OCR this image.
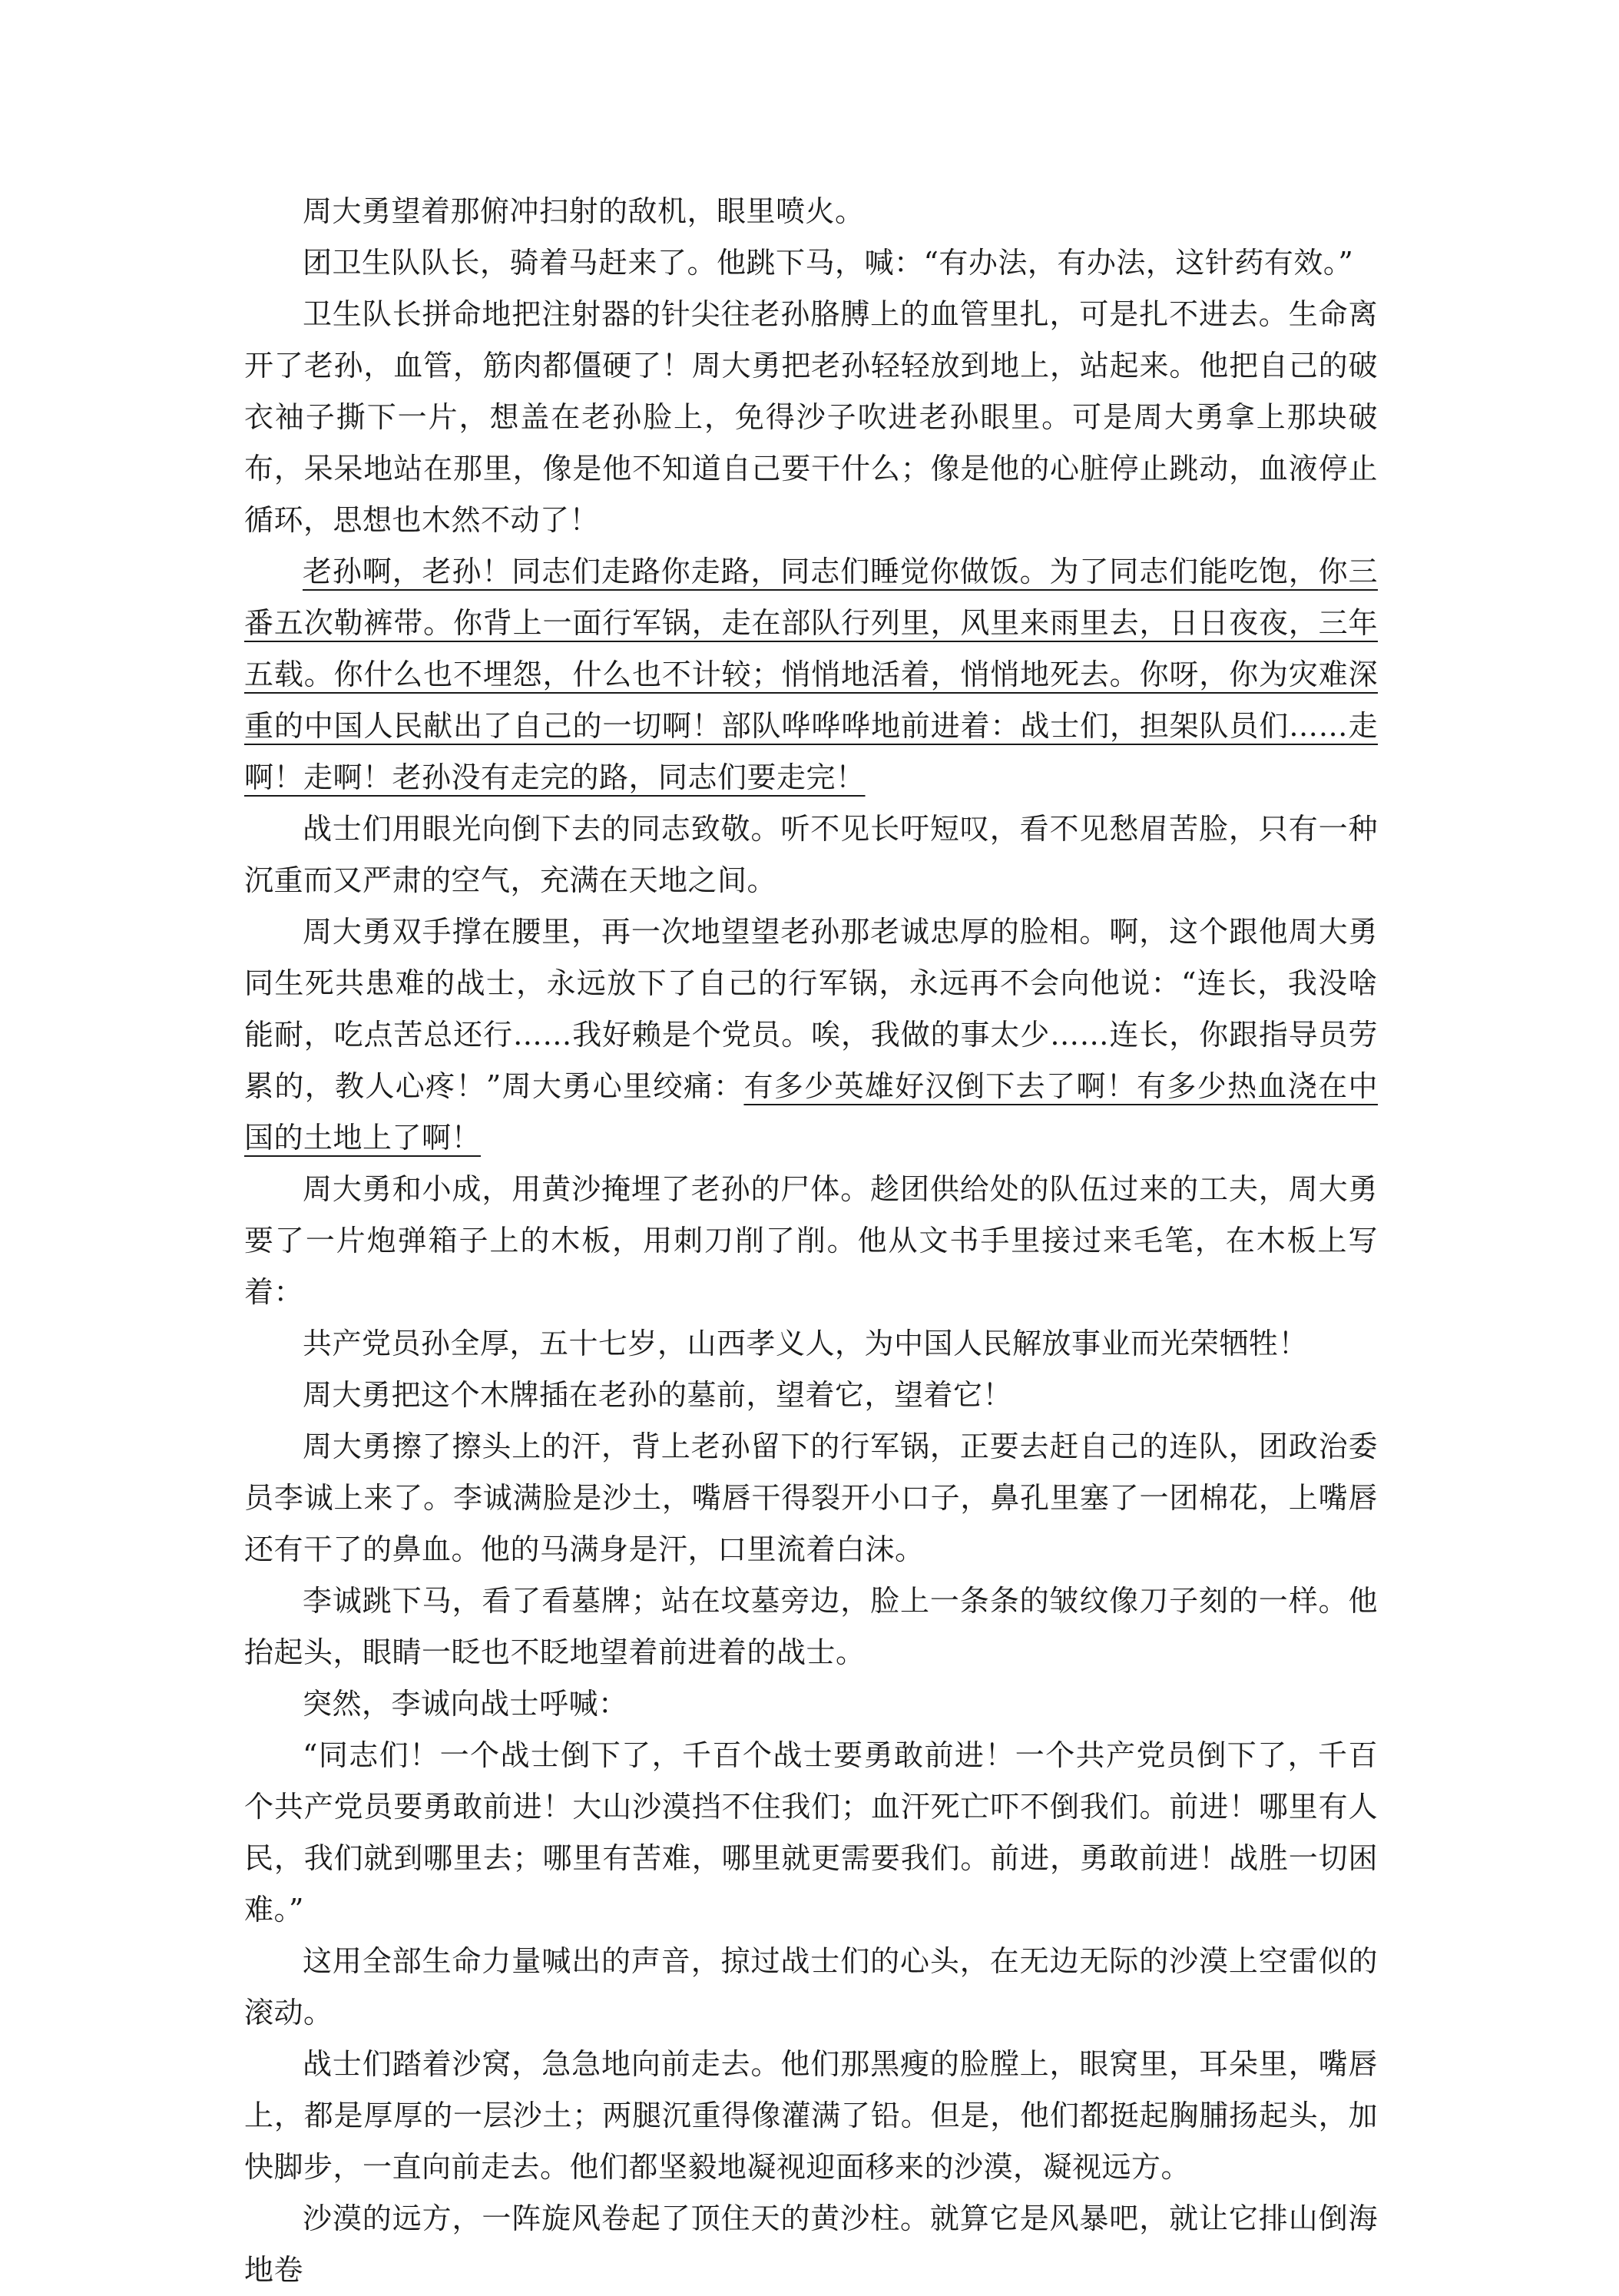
周大勇望着那俯冲扫射的敌机，眼里喷火。

团卫生队队长，骑着马赶来了。他跳下马，喊：“有办法，有办法，这针药有效。”

卫生队长拼命地把注射器的针尖往老孙胳膊上的血管里扎，可是扎不进去。生命离开了老孙，血管，筋肉都僵硬了！周大勇把老孙轻轻放到地上，站起来。他把自己的破衣袖子撕下一片，想盖在老孙脸上，免得沙子吹进老孙眼里。可是周大勇拿上那块破布，呆呆地站在那里，像是他不知道自己要干什么；像是他的心脏停止跳动，血液停止循环，思想也木然不动了！

老孙啊，老孙！同志们走路你走路，同志们睡觉你做饭。为了同志们能吃饱，你三番五次勒裤带。你背上一面行军锅，走在部队行列里，风里来雨里去，日日夜夜，三年五载。你什么也不埋怨，什么也不计较；悄悄地活着，悄悄地死去。你呀，你为灾难深重的中国人民献出了自己的一切啊！部队哗哗哗地前进着：战士们，担架队员们……走啊！走啊！老孙没有走完的路，同志们要走完！

战士们用眼光向倒下去的同志致敬。听不见长吁短叹，看不见愁眉苦脸，只有一种沉重而又严肃的空气，充满在天地之间。

周大勇双手撑在腰里，再一次地望望老孙那老诚忠厚的脸相。啊，这个跟他周大勇同生死共患难的战士，永远放下了自己的行军锅，永远再不会向他说：“连长，我没啥能耐，吃点苦总还行……我好赖是个党员。唉，我做的事太少……连长，你跟指导员劳累的，教人心疼！”周大勇心里绞痛：有多少英雄好汉倒下去了啊！有多少热血浇在中国的土地上了啊！

周大勇和小成，用黄沙掩埋了老孙的尸体。趁团供给处的队伍过来的工夫，周大勇要了一片炮弹箱子上的木板，用刺刀削了削。他从文书手里接过来毛笔，在木板上写着：

共产党员孙全厚，五十七岁，山西孝义人，为中国人民解放事业而光荣牺牲！

周大勇把这个木牌插在老孙的墓前，望着它，望着它！

周大勇擦了擦头上的汗，背上老孙留下的行军锅，正要去赶自己的连队，团政治委员李诚上来了。李诚满脸是沙土，嘴唇干得裂开小口子，鼻孔里塞了一团棉花，上嘴唇还有干了的鼻血。他的马满身是汗，口里流着白沫。

李诚跳下马，看了看墓牌；站在坟墓旁边，脸上一条条的皱纹像刀子刻的一样。他抬起头，眼睛一眨也不眨地望着前进着的战士。

突然，李诚向战士呼喊：

“同志们！一个战士倒下了，千百个战士要勇敢前进！一个共产党员倒下了，千百个共产党员要勇敢前进！大山沙漠挡不住我们；血汗死亡吓不倒我们。前进！哪里有人民，我们就到哪里去；哪里有苦难，哪里就更需要我们。前进，勇敢前进！战胜一切困难。”

这用全部生命力量喊出的声音，掠过战士们的心头，在无边无际的沙漠上空雷似的滚动。

战士们踏着沙窝，急急地向前走去。他们那黑瘦的脸膛上，眼窝里，耳朵里，嘴唇上，都是厚厚的一层沙土；两腿沉重得像灌满了铅。但是，他们都挺起胸脯扬起头，加快脚步，一直向前走去。他们都坚毅地凝视迎面移来的沙漠，凝视远方。

沙漠的远方，一阵旋风卷起了顶住天的黄沙柱。就算它是风暴吧，就让它排山倒海地卷
